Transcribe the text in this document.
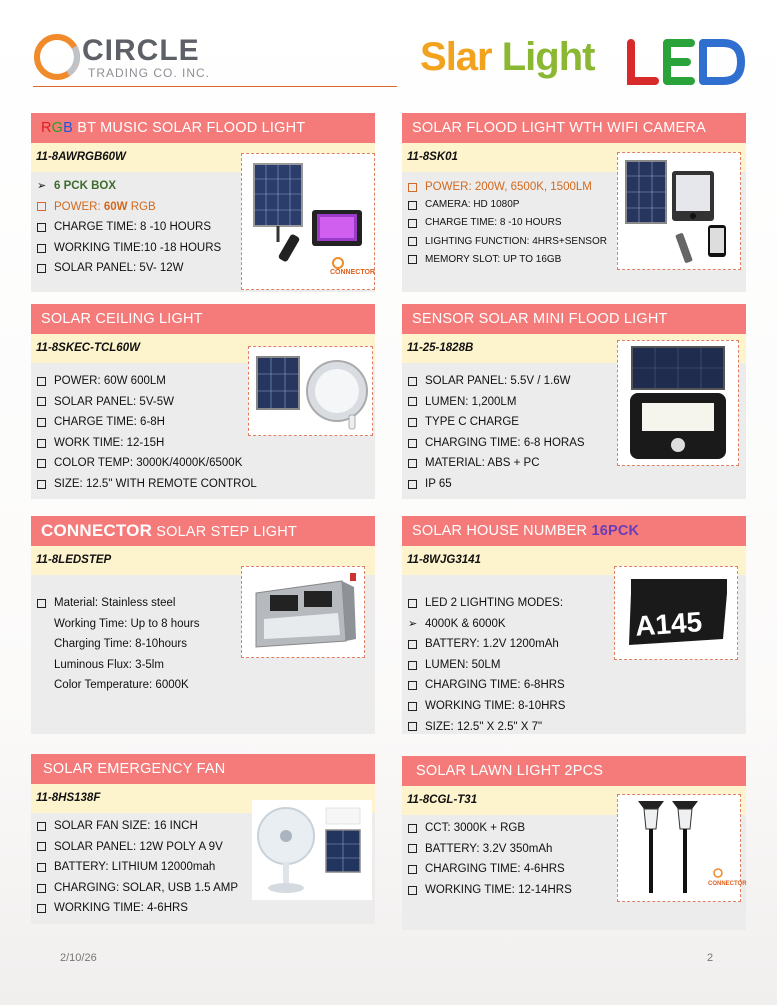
CIRCLE
TRADING CO. INC.	Slar Light	LED
RGB BT MUSIC SOLAR FLOOD LIGHT
11-8AWRGB60W
➢ 6 PCK BOX
POWER: 60W RGB
CHARGE TIME: 8 -10 HOURS
WORKING TIME:10 -18 HOURS
SOLAR PANEL: 5V- 12W	CONNECTOR
SOLAR FLOOD LIGHT WTH WIFI CAMERA
11-8SK01
POWER: 200W, 6500K, 1500LM
CAMERA: HD 1080P
CHARGE TIME: 8 -10 HOURS
LIGHTING FUNCTION: 4HRS+SENSOR
MEMORY SLOT: UP TO 16GB
SOLAR CEILING LIGHT
11-8SKEC-TCL60W
POWER: 60W 600LM
SOLAR PANEL: 5V-5W
CHARGE TIME: 6-8H
WORK TIME: 12-15H
COLOR TEMP: 3000K/4000K/6500K
SIZE: 12.5" WITH REMOTE CONTROL
SENSOR SOLAR MINI FLOOD LIGHT
11-25-1828B
SOLAR PANEL: 5.5V / 1.6W
LUMEN: 1,200LM
TYPE C CHARGE
CHARGING TIME: 6-8 HORAS
MATERIAL: ABS + PC
IP 65
CONNECTOR SOLAR STEP LIGHT
11-8LEDSTEP
Material: Stainless steel
Working Time: Up to 8 hours
Charging Time: 8-10hours
Luminous Flux: 3-5lm
Color Temperature: 6000K
SOLAR HOUSE NUMBER 16PCK
11-8WJG3141
LED 2 LIGHTING MODES:
➢ 4000K & 6000K
BATTERY: 1.2V 1200mAh
LUMEN: 50LM
CHARGING TIME: 6-8HRS
WORKING TIME: 8-10HRS
SIZE: 12.5" X 2.5" X 7"
A145
SOLAR EMERGENCY FAN
11-8HS138F
SOLAR FAN SIZE: 16 INCH
SOLAR PANEL: 12W POLY A 9V
BATTERY: LITHIUM 12000mah
CHARGING: SOLAR, USB 1.5 AMP
WORKING TIME: 4-6HRS
SOLAR LAWN LIGHT 2PCS
11-8CGL-T31
CCT: 3000K + RGB
BATTERY: 3.2V 350mAh
CHARGING TIME: 4-6HRS
WORKING TIME: 12-14HRS	CONNECTOR
2/10/26	2
